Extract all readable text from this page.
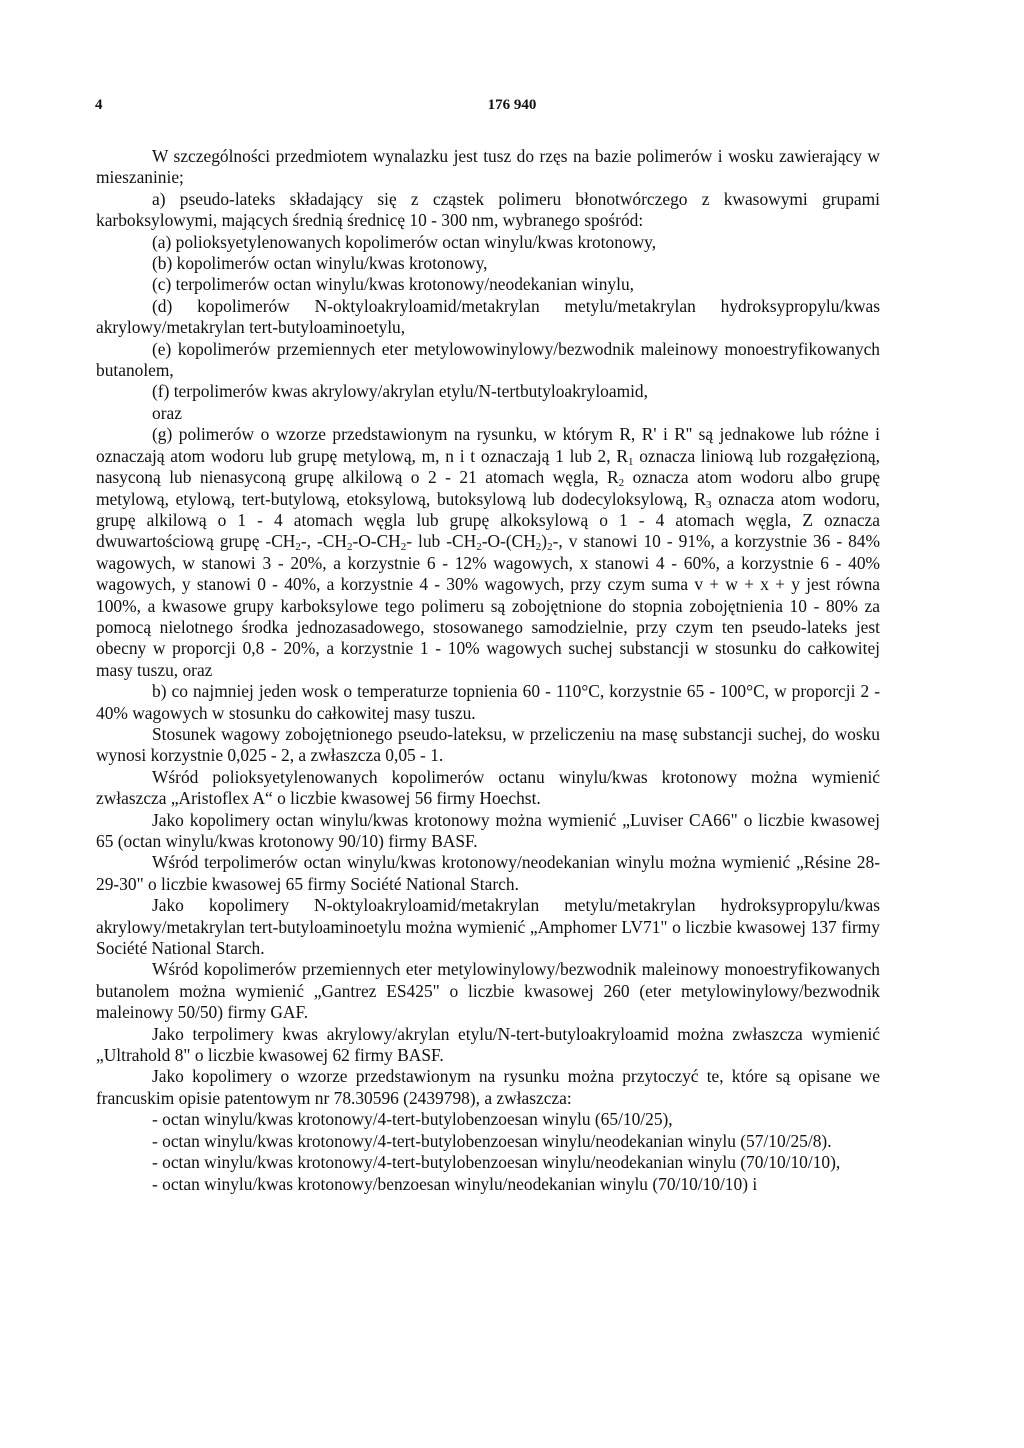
4	176 940

W szczególności przedmiotem wynalazku jest tusz do rzęs na bazie polimerów i wosku zawierający w mieszaninie;

a) pseudo-lateks składający się z cząstek polimeru błonotwórczego z kwasowymi grupami karboksylowymi, mających średnią średnicę 10 - 300 nm, wybranego spośród:

(a) polioksyetylenowanych kopolimerów octan winylu/kwas krotonowy,

(b) kopolimerów octan winylu/kwas krotonowy,

(c) terpolimerów octan winylu/kwas krotonowy/neodekanian winylu,

(d) kopolimerów N-oktyloakryloamid/metakrylan metylu/metakrylan hydroksypropylu/kwas akrylowy/metakrylan tert-butyloaminoetylu,

(e) kopolimerów przemiennych eter metylowowinylowy/bezwodnik maleinowy monoestryfikowanych butanolem,

(f) terpolimerów kwas akrylowy/akrylan etylu/N-tertbutyloakryloamid,

oraz

(g) polimerów o wzorze przedstawionym na rysunku, w którym R, R' i R'' są jednakowe lub różne i oznaczają atom wodoru lub grupę metylową, m, n i t oznaczają 1 lub 2, $R_1$ oznacza liniową lub rozgałęzioną, nasyconą lub nienasyconą grupę alkilową o 2 - 21 atomach węgla, $R_2$ oznacza atom wodoru albo grupę metylową, etylową, tert-butylową, etoksylową, butoksylową lub dodecyloksylową, $R_3$ oznacza atom wodoru, grupę alkilową o 1 - 4 atomach węgla lub grupę alkoksylową o 1 - 4 atomach węgla, Z oznacza dwuwartościową grupę $-CH_2-$, $-CH_2-O-CH_2-$ lub $-CH_2-O-(CH_2)_2-$, v stanowi 10 - 91%, a korzystnie 36 - 84% wagowych, w stanowi 3 - 20%, a korzystnie 6 - 12% wagowych, x stanowi 4 - 60%, a korzystnie 6 - 40% wagowych, y stanowi 0 - 40%, a korzystnie 4 - 30% wagowych, przy czym suma v + w + x + y jest równa 100%, a kwasowe grupy karboksylowe tego polimeru są zobojętnione do stopnia zobojętnienia 10 - 80% za pomocą nielotnego środka jednozasadowego, stosowanego samodzielnie, przy czym ten pseudo-lateks jest obecny w proporcji 0,8 - 20%, a korzystnie 1 - 10% wagowych suchej substancji w stosunku do całkowitej masy tuszu, oraz

b) co najmniej jeden wosk o temperaturze topnienia 60 - 110°C, korzystnie 65 - 100°C, w proporcji 2 - 40% wagowych w stosunku do całkowitej masy tuszu.

Stosunek wagowy zobojętnionego pseudo-lateksu, w przeliczeniu na masę substancji suchej, do wosku wynosi korzystnie 0,025 - 2, a zwłaszcza 0,05 - 1.

Wśród polioksyetylenowanych kopolimerów octanu winylu/kwas krotonowy można wymienić zwłaszcza „Aristoflex A“ o liczbie kwasowej 56 firmy Hoechst.

Jako kopolimery octan winylu/kwas krotonowy można wymienić „Luviser CA66" o liczbie kwasowej 65 (octan winylu/kwas krotonowy 90/10) firmy BASF.

Wśród terpolimerów octan winylu/kwas krotonowy/neodekanian winylu można wymienić „Résine 28-29-30" o liczbie kwasowej 65 firmy Société National Starch.

Jako kopolimery N-oktyloakryloamid/metakrylan metylu/metakrylan hydroksypropylu/kwas akrylowy/metakrylan tert-butyloaminoetylu można wymienić „Amphomer LV71" o liczbie kwasowej 137 firmy Société National Starch.

Wśród kopolimerów przemiennych eter metylowinylowy/bezwodnik maleinowy monoestryfikowanych butanolem można wymienić „Gantrez ES425" o liczbie kwasowej 260 (eter metylowinylowy/bezwodnik maleinowy 50/50) firmy GAF.

Jako terpolimery kwas akrylowy/akrylan etylu/N-tert-butyloakryloamid można zwłaszcza wymienić „Ultrahold 8" o liczbie kwasowej 62 firmy BASF.

Jako kopolimery o wzorze przedstawionym na rysunku można przytoczyć te, które są opisane we francuskim opisie patentowym nr 78.30596 (2439798), a zwłaszcza:

- octan winylu/kwas krotonowy/4-tert-butylobenzoesan winylu (65/10/25),

- octan winylu/kwas krotonowy/4-tert-butylobenzoesan winylu/neodekanian winylu (57/10/25/8).

- octan winylu/kwas krotonowy/4-tert-butylobenzoesan winylu/neodekanian winylu (70/10/10/10),

- octan winylu/kwas krotonowy/benzoesan winylu/neodekanian winylu (70/10/10/10) i
